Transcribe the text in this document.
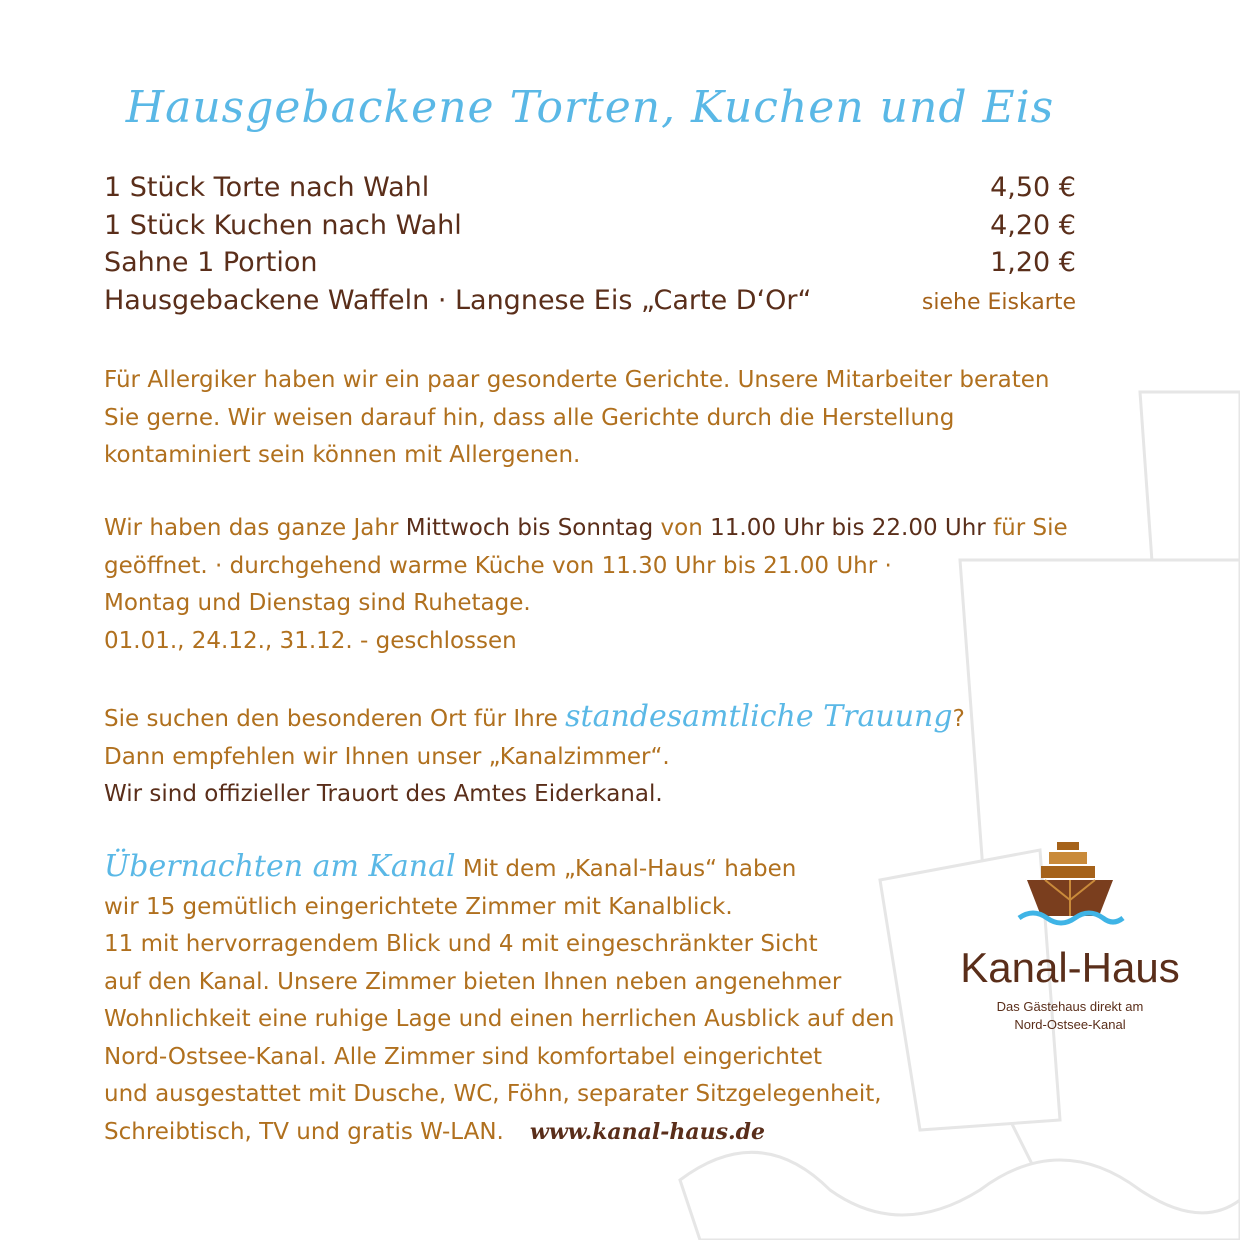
Hausgebackene Torten, Kuchen und Eis
1 Stück Torte nach Wahl	4,50 €
1 Stück Kuchen nach Wahl	4,20 €
Sahne 1 Portion	1,20 €
Hausgebackene Waffeln · Langnese Eis „Carte D‘Or“	siehe Eiskarte
Für Allergiker haben wir ein paar gesonderte Gerichte. Unsere Mitarbeiter beraten
Sie gerne. Wir weisen darauf hin, dass alle Gerichte durch die Herstellung
kontaminiert sein können mit Allergenen.
Wir haben das ganze Jahr Mittwoch bis Sonntag von 11.00 Uhr bis 22.00 Uhr für Sie
geöffnet. · durchgehend warme Küche von 11.30 Uhr bis 21.00 Uhr ·
Montag und Dienstag sind Ruhetage.
01.01., 24.12., 31.12. - geschlossen
Sie suchen den besonderen Ort für Ihre standesamtliche Trauung?
Dann empfehlen wir Ihnen unser „Kanalzimmer“.
Wir sind offizieller Trauort des Amtes Eiderkanal.
Übernachten am Kanal Mit dem „Kanal-Haus“ haben
wir 15 gemütlich eingerichtete Zimmer mit Kanalblick.
11 mit hervorragendem Blick und 4 mit eingeschränkter Sicht
auf den Kanal. Unsere Zimmer bieten Ihnen neben angenehmer
Wohnlichkeit eine ruhige Lage und einen herrlichen Ausblick auf den
Nord-Ostsee-Kanal. Alle Zimmer sind komfortabel eingerichtet
und ausgestattet mit Dusche, WC, Föhn, separater Sitzgelegenheit,
Schreibtisch, TV und gratis W-LAN. www.kanal-haus.de
Kanal-Haus
Das Gästehaus direkt am
Nord-Ostsee-Kanal
